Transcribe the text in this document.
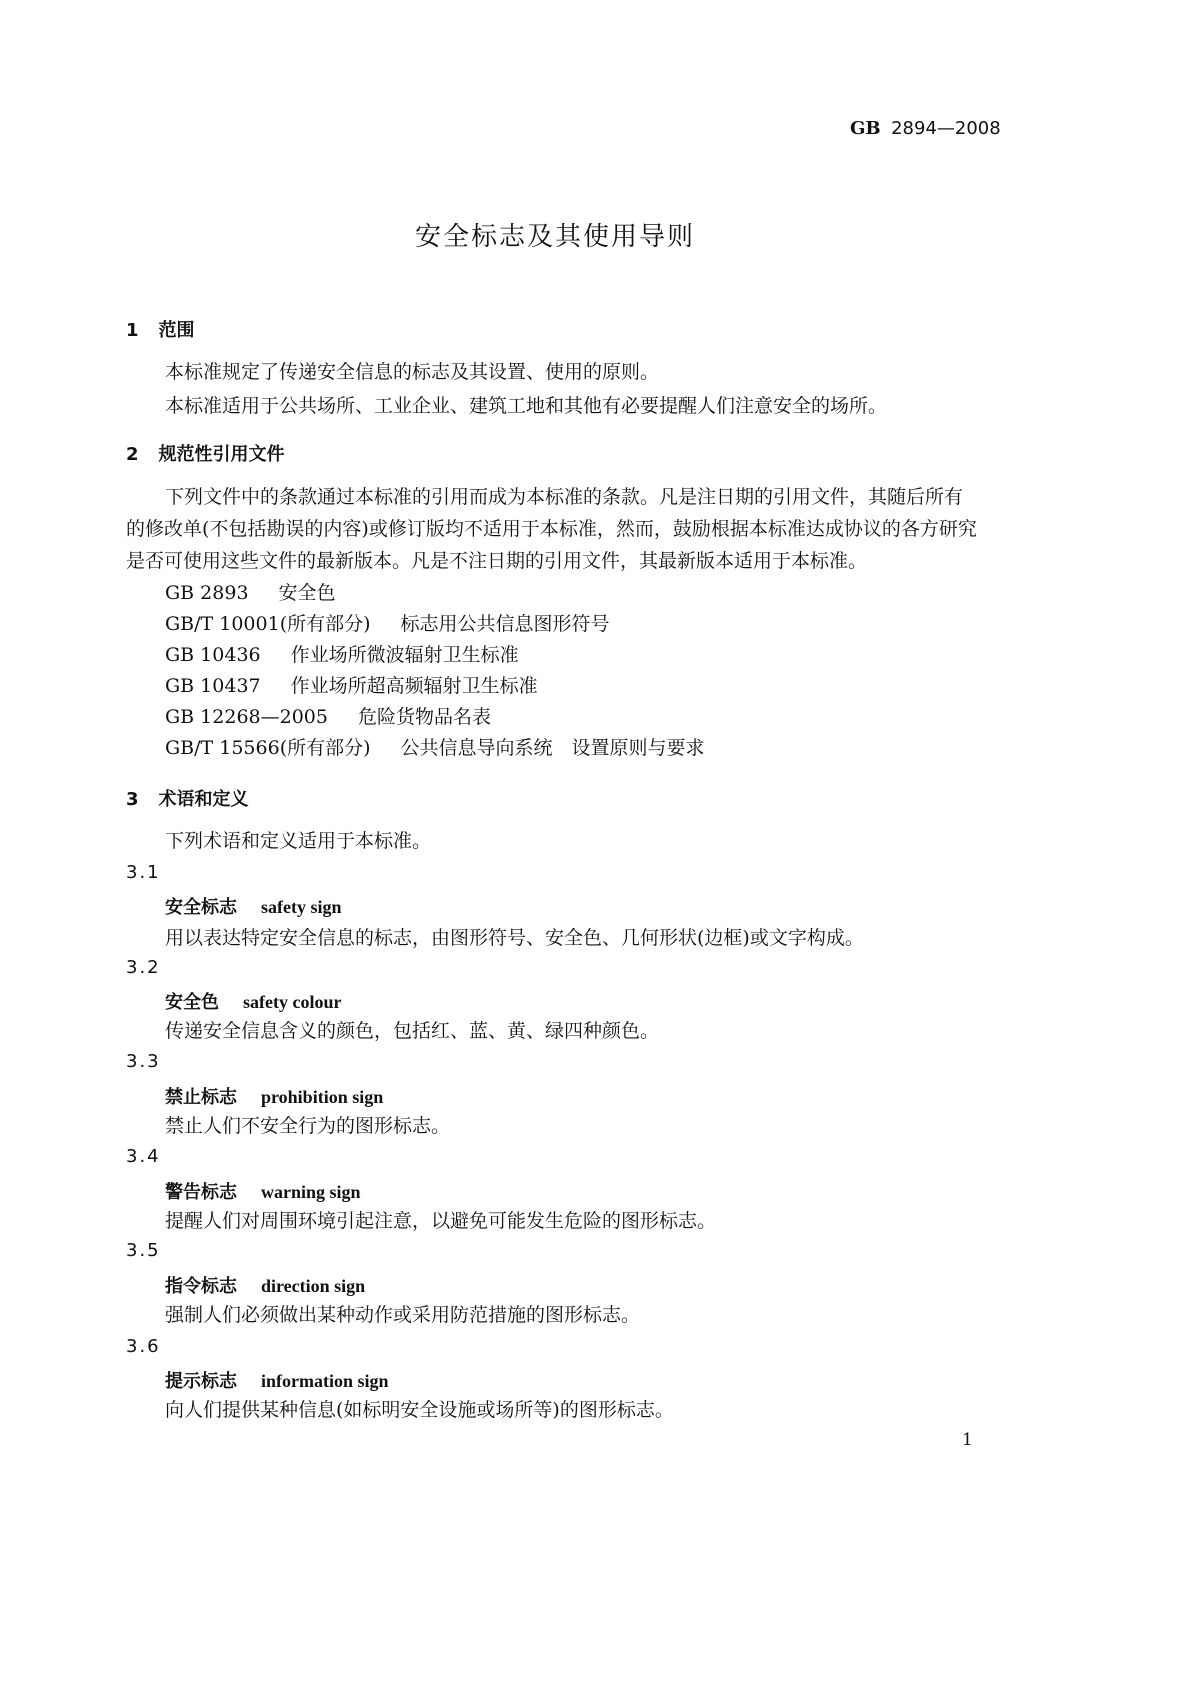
GB 2894—2008
安全标志及其使用导则
1 范围
本标准规定了传递安全信息的标志及其设置、使用的原则。
本标准适用于公共场所、工业企业、建筑工地和其他有必要提醒人们注意安全的场所。
2 规范性引用文件
下列文件中的条款通过本标准的引用而成为本标准的条款。凡是注日期的引用文件，其随后所有
的修改单(不包括勘误的内容)或修订版均不适用于本标准，然而，鼓励根据本标准达成协议的各方研究
是否可使用这些文件的最新版本。凡是不注日期的引用文件，其最新版本适用于本标准。
GB 2893 安全色
GB/T 10001(所有部分) 标志用公共信息图形符号
GB 10436 作业场所微波辐射卫生标准
GB 10437 作业场所超高频辐射卫生标准
GB 12268—2005 危险货物品名表
GB/T 15566(所有部分) 公共信息导向系统　设置原则与要求
3 术语和定义
下列术语和定义适用于本标准。
3.1
安全标志 safety sign
用以表达特定安全信息的标志，由图形符号、安全色、几何形状(边框)或文字构成。
3.2
安全色 safety colour
传递安全信息含义的颜色，包括红、蓝、黄、绿四种颜色。
3.3
禁止标志 prohibition sign
禁止人们不安全行为的图形标志。
3.4
警告标志 warning sign
提醒人们对周围环境引起注意，以避免可能发生危险的图形标志。
3.5
指令标志 direction sign
强制人们必须做出某种动作或采用防范措施的图形标志。
3.6
提示标志 information sign
向人们提供某种信息(如标明安全设施或场所等)的图形标志。
1
